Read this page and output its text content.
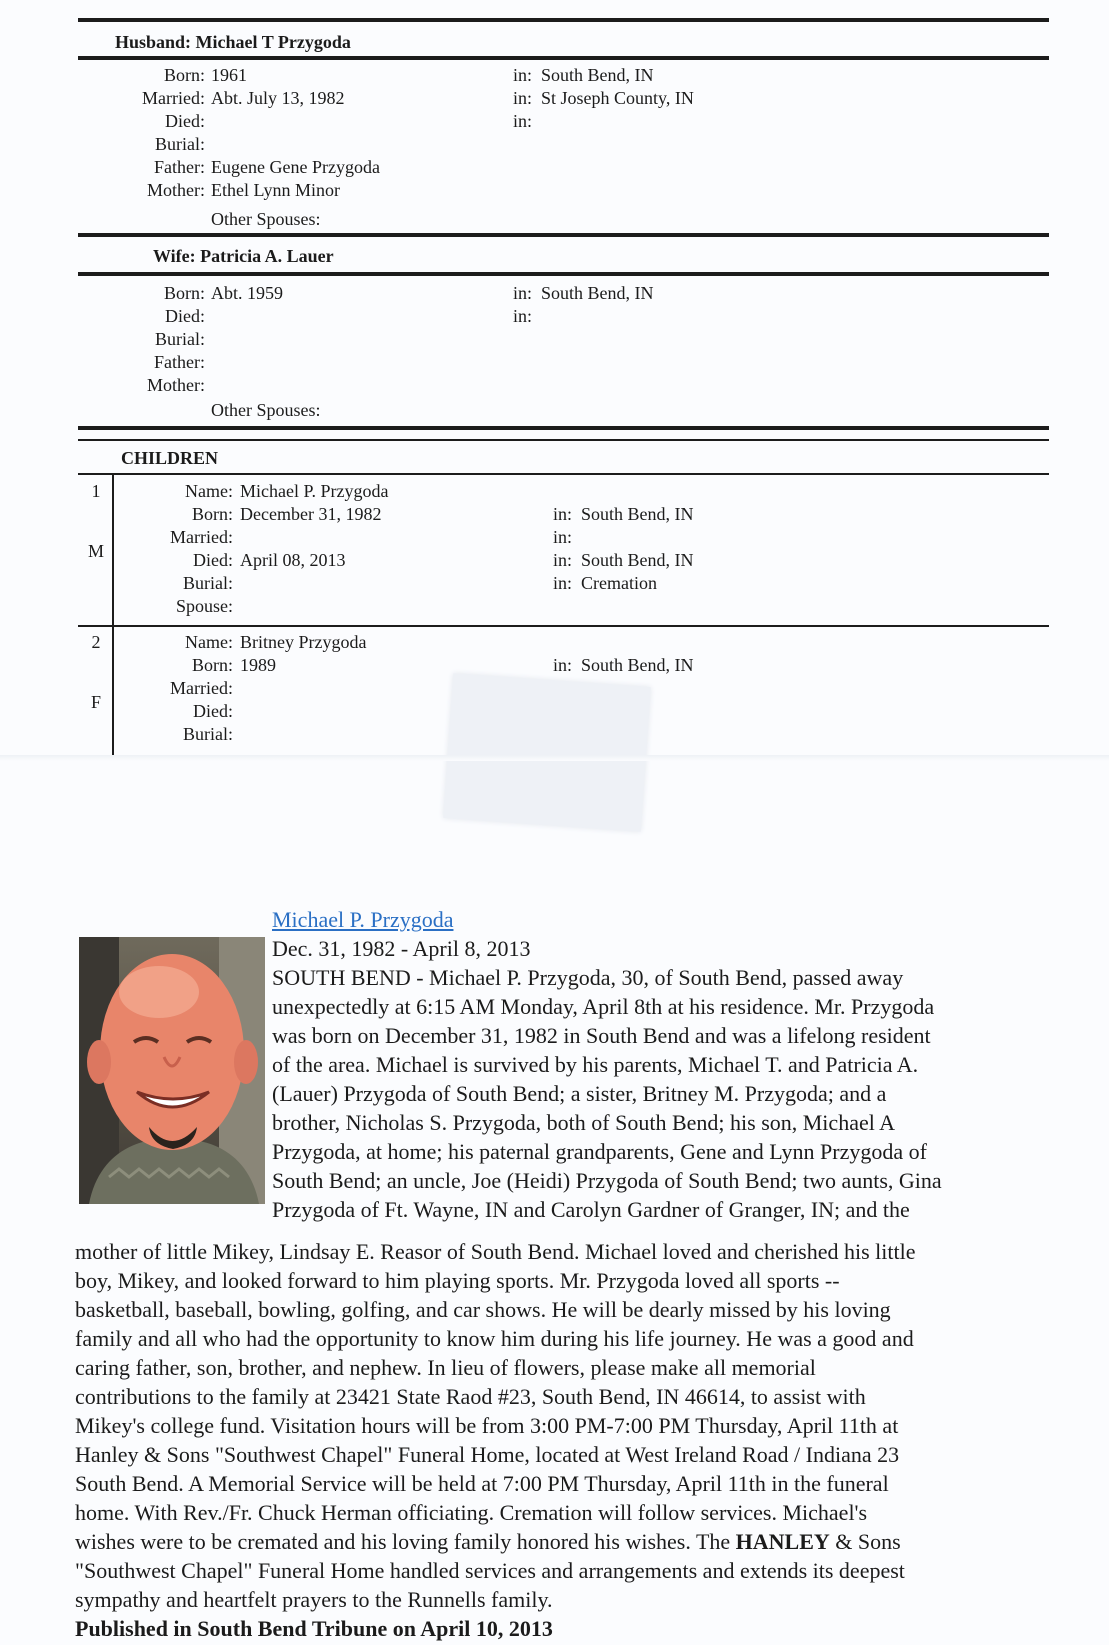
Husband: Michael T Przygoda
Born: 1961	in: South Bend, IN
Married: Abt. July 13, 1982	in: St Joseph County, IN
Died:	in:
Burial:
Father: Eugene Gene Przygoda
Mother: Ethel Lynn Minor
Other Spouses:
Wife: Patricia A. Lauer
Born: Abt. 1959	in: South Bend, IN
Died:	in:
Burial:
Father:
Mother:
Other Spouses:
CHILDREN
1
M
Name: Michael P. Przygoda
Born: December 31, 1982	in: South Bend, IN
Married:	in:
Died: April 08, 2013	in: South Bend, IN
Burial:	in: Cremation
Spouse:
2
F
Name: Britney Przygoda
Born: 1989	in: South Bend, IN
Married:
Died:
Burial:
Michael P. Przygoda
Dec. 31, 1982 - April 8, 2013
SOUTH BEND - Michael P. Przygoda, 30, of South Bend, passed away
unexpectedly at 6:15 AM Monday, April 8th at his residence. Mr. Przygoda
was born on December 31, 1982 in South Bend and was a lifelong resident
of the area. Michael is survived by his parents, Michael T. and Patricia A.
(Lauer) Przygoda of South Bend; a sister, Britney M. Przygoda; and a
brother, Nicholas S. Przygoda, both of South Bend; his son, Michael A
Przygoda, at home; his paternal grandparents, Gene and Lynn Przygoda of
South Bend; an uncle, Joe (Heidi) Przygoda of South Bend; two aunts, Gina
Przygoda of Ft. Wayne, IN and Carolyn Gardner of Granger, IN; and the
mother of little Mikey, Lindsay E. Reasor of South Bend. Michael loved and cherished his little
boy, Mikey, and looked forward to him playing sports. Mr. Przygoda loved all sports --
basketball, baseball, bowling, golfing, and car shows. He will be dearly missed by his loving
family and all who had the opportunity to know him during his life journey. He was a good and
caring father, son, brother, and nephew. In lieu of flowers, please make all memorial
contributions to the family at 23421 State Raod #23, South Bend, IN 46614, to assist with
Mikey's college fund. Visitation hours will be from 3:00 PM-7:00 PM Thursday, April 11th at
Hanley & Sons "Southwest Chapel" Funeral Home, located at West Ireland Road / Indiana 23
South Bend. A Memorial Service will be held at 7:00 PM Thursday, April 11th in the funeral
home. With Rev./Fr. Chuck Herman officiating. Cremation will follow services. Michael's
wishes were to be cremated and his loving family honored his wishes. The HANLEY & Sons
"Southwest Chapel" Funeral Home handled services and arrangements and extends its deepest
sympathy and heartfelt prayers to the Runnells family.
Published in South Bend Tribune on April 10, 2013
